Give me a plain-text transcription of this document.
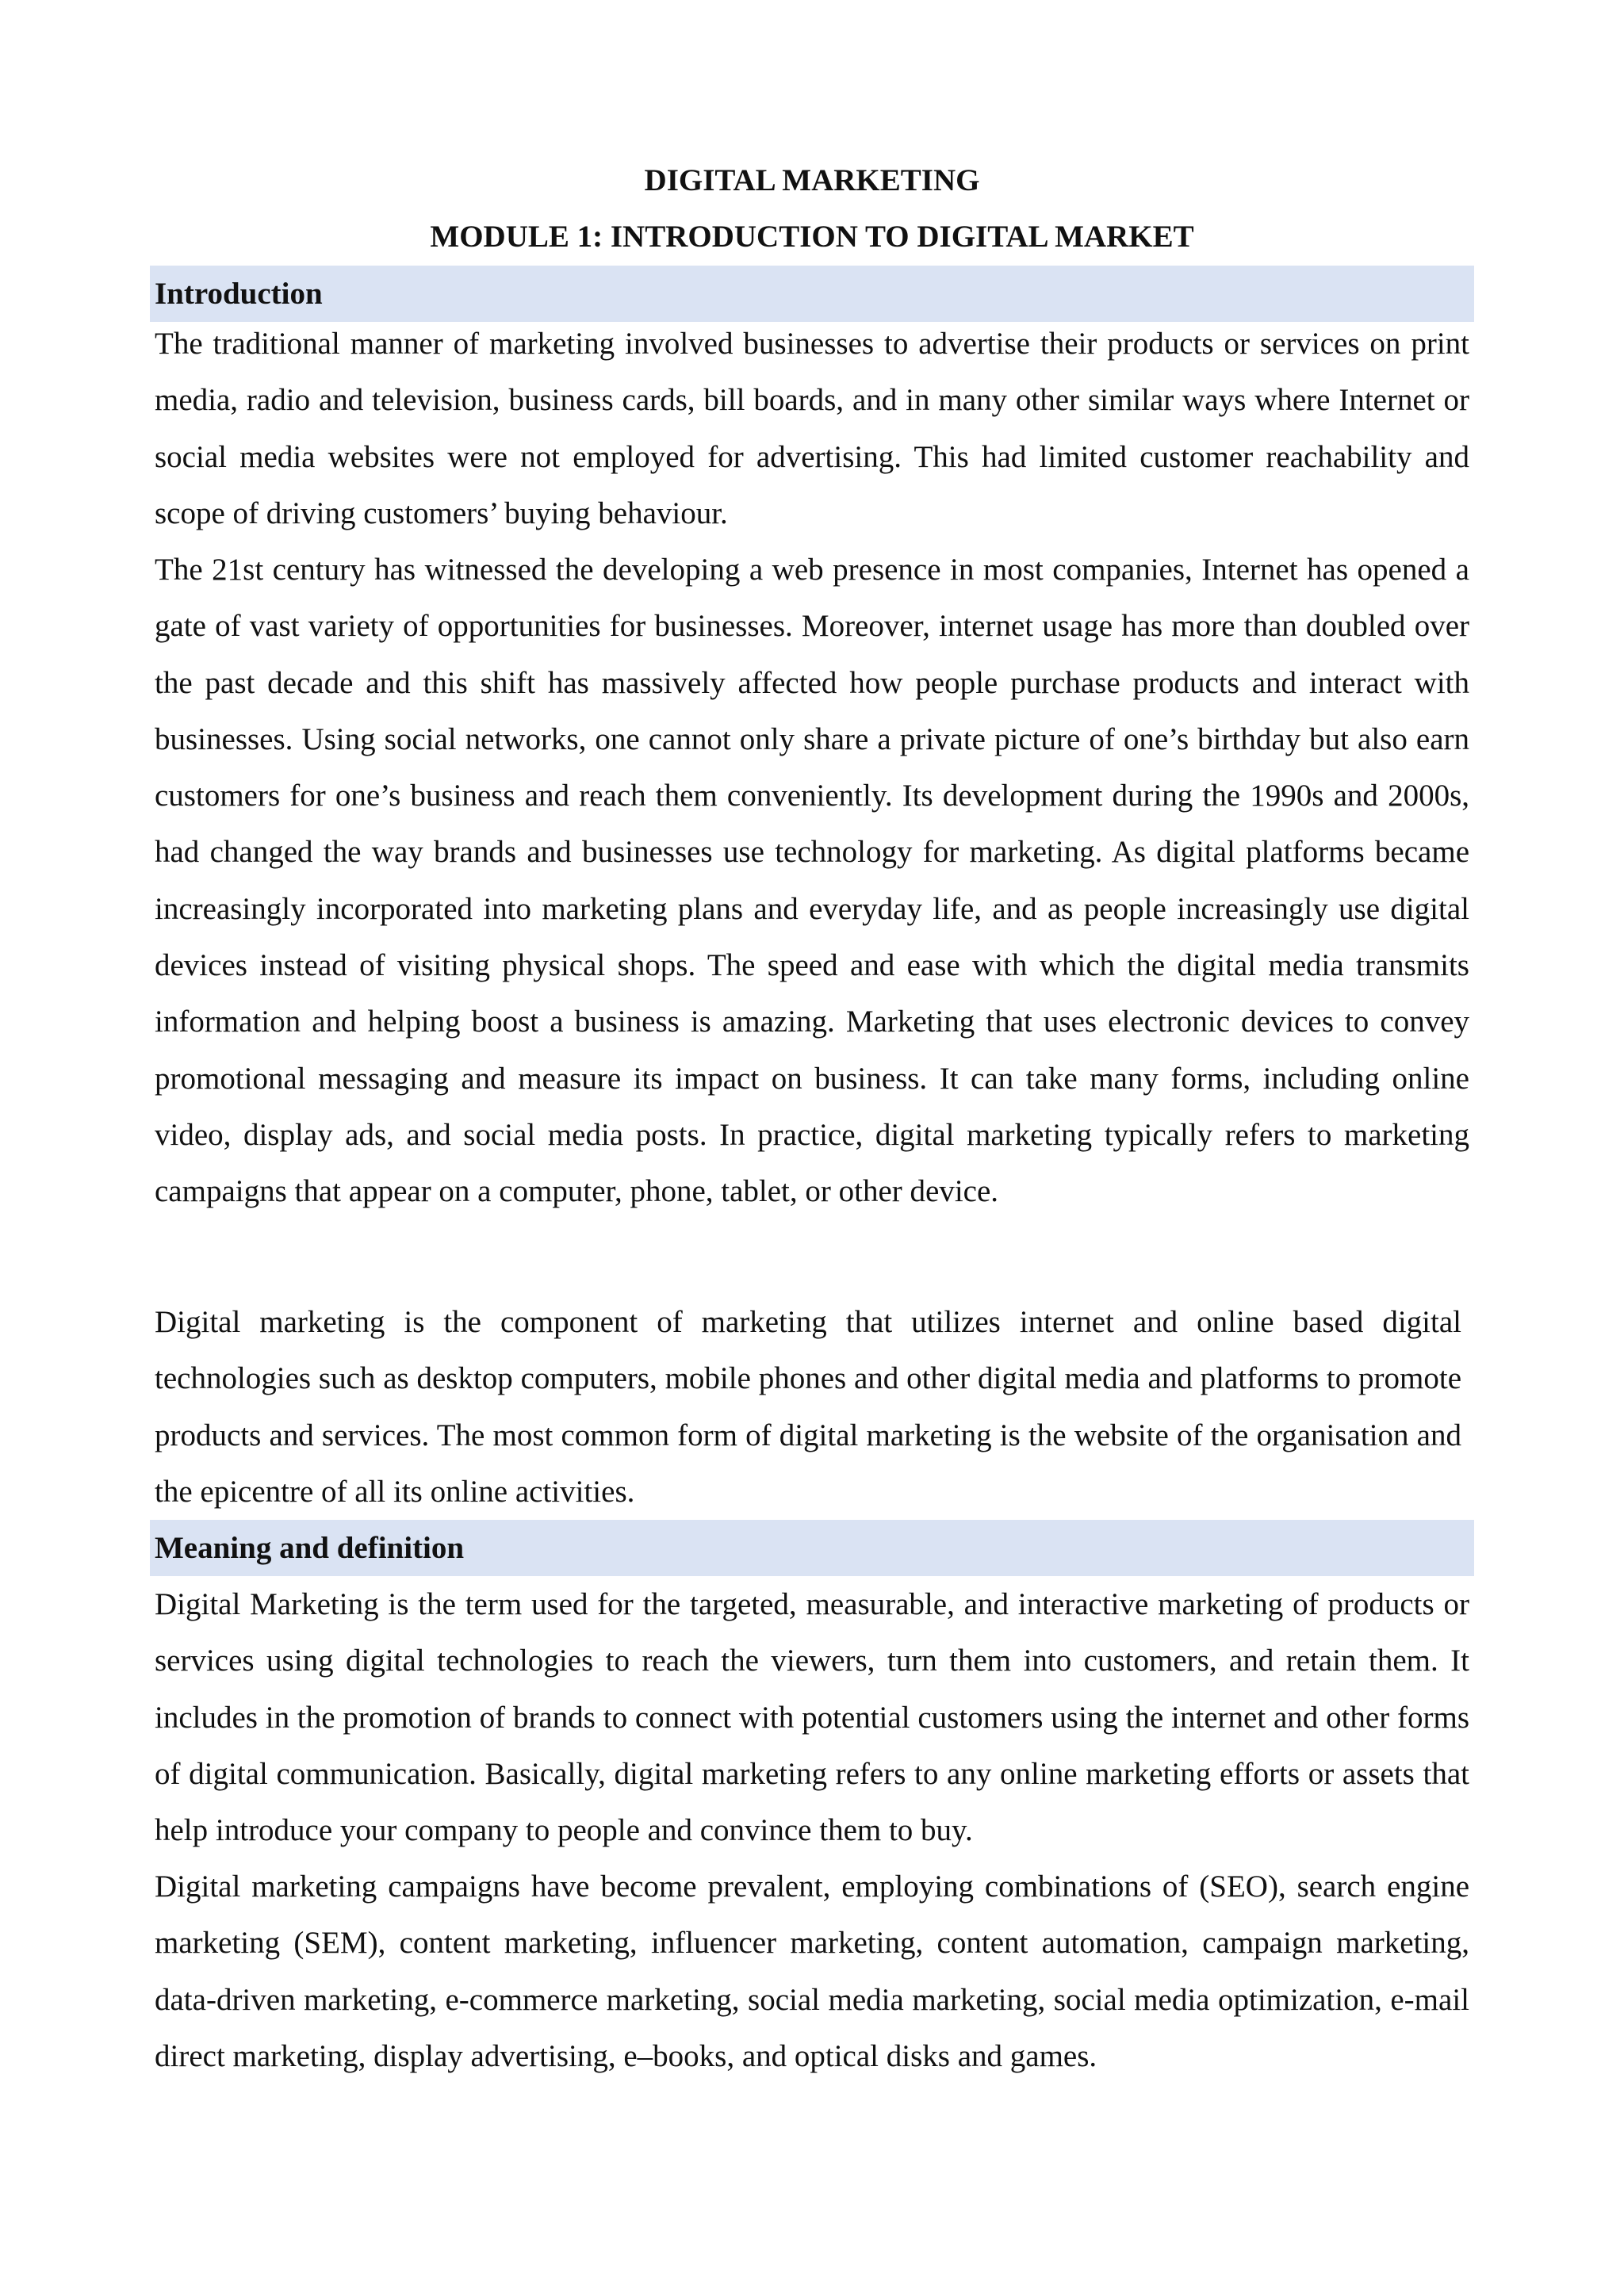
DIGITAL MARKETING

MODULE 1: INTRODUCTION TO DIGITAL MARKET

Introduction

The traditional manner of marketing involved businesses to advertise their products or services on print media, radio and television, business cards, bill boards, and in many other similar ways where Internet or social media websites were not employed for advertising. This had limited customer reachability and scope of driving customers’ buying behaviour.

The 21st century has witnessed the developing a web presence in most companies, Internet has opened a gate of vast variety of opportunities for businesses. Moreover, internet usage has more than doubled over the past decade and this shift has massively affected how people purchase products and interact with businesses. Using social networks, one cannot only share a private picture of one’s birthday but also earn customers for one’s business and reach them conveniently. Its development during the 1990s and 2000s, had changed the way brands and businesses use technology for marketing. As digital platforms became increasingly incorporated into marketing plans and everyday life, and as people increasingly use digital devices instead of visiting physical shops. The speed and ease with which the digital media transmits information and helping boost a business is amazing. Marketing that uses electronic devices to convey promotional messaging and measure its impact on business. It can take many forms, including online video, display ads, and social media posts. In practice, digital marketing typically refers to marketing campaigns that appear on a computer, phone, tablet, or other device.

Digital marketing is the component of marketing that utilizes internet and online based digital technologies such as desktop computers, mobile phones and other digital media and platforms to promote products and services. The most common form of digital marketing is the website of the organisation and the epicentre of all its online activities.

Meaning and definition

Digital Marketing is the term used for the targeted, measurable, and interactive marketing of products or services using digital technologies to reach the viewers, turn them into customers, and retain them. It includes in the promotion of brands to connect with potential customers using the internet and other forms of digital communication. Basically, digital marketing refers to any online marketing efforts or assets that help introduce your company to people and convince them to buy.

Digital marketing campaigns have become prevalent, employing combinations of (SEO), search engine marketing (SEM), content marketing, influencer marketing, content automation, campaign marketing, data-driven marketing, e-commerce marketing, social media marketing, social media optimization, e-mail direct marketing, display advertising, e–books, and optical disks and games.
